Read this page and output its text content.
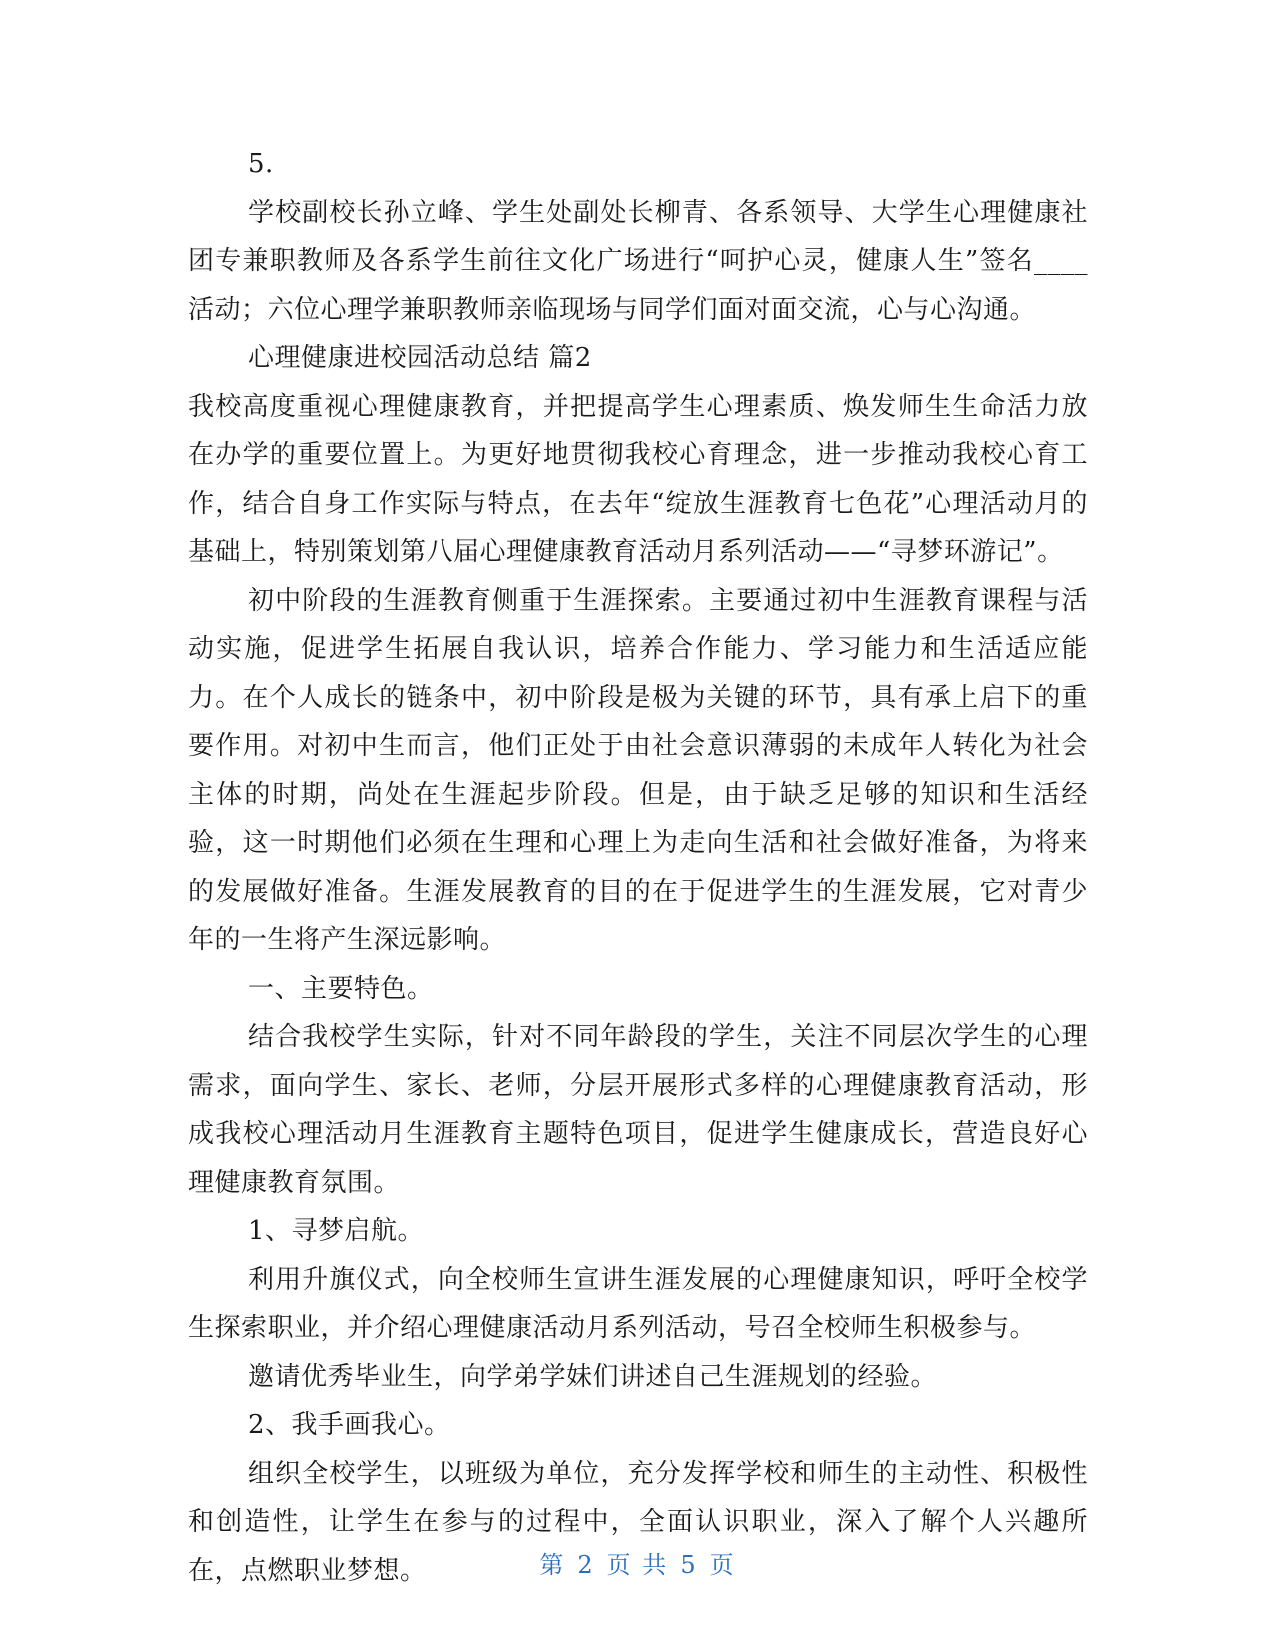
5.

学校副校长孙立峰、学生处副处长柳青、各系领导、大学生心理健康社团专兼职教师及各系学生前往文化广场进行“呵护心灵，健康人生”签名____活动；六位心理学兼职教师亲临现场与同学们面对面交流，心与心沟通。

心理健康进校园活动总结 篇2

我校高度重视心理健康教育，并把提高学生心理素质、焕发师生生命活力放在办学的重要位置上。为更好地贯彻我校心育理念，进一步推动我校心育工作，结合自身工作实际与特点，在去年“绽放生涯教育七色花”心理活动月的基础上，特别策划第八届心理健康教育活动月系列活动——“寻梦环游记”。

初中阶段的生涯教育侧重于生涯探索。主要通过初中生涯教育课程与活动实施，促进学生拓展自我认识，培养合作能力、学习能力和生活适应能力。在个人成长的链条中，初中阶段是极为关键的环节，具有承上启下的重要作用。对初中生而言，他们正处于由社会意识薄弱的未成年人转化为社会主体的时期，尚处在生涯起步阶段。但是，由于缺乏足够的知识和生活经验，这一时期他们必须在生理和心理上为走向生活和社会做好准备，为将来的发展做好准备。生涯发展教育的目的在于促进学生的生涯发展，它对青少年的一生将产生深远影响。

一、主要特色。

结合我校学生实际，针对不同年龄段的学生，关注不同层次学生的心理需求，面向学生、家长、老师，分层开展形式多样的心理健康教育活动，形成我校心理活动月生涯教育主题特色项目，促进学生健康成长，营造良好心理健康教育氛围。

1、寻梦启航。

利用升旗仪式，向全校师生宣讲生涯发展的心理健康知识，呼吁全校学生探索职业，并介绍心理健康活动月系列活动，号召全校师生积极参与。

邀请优秀毕业生，向学弟学妹们讲述自己生涯规划的经验。

2、我手画我心。

组织全校学生，以班级为单位，充分发挥学校和师生的主动性、积极性和创造性，让学生在参与的过程中，全面认识职业，深入了解个人兴趣所在，点燃职业梦想。	第 2 页 共 5 页
